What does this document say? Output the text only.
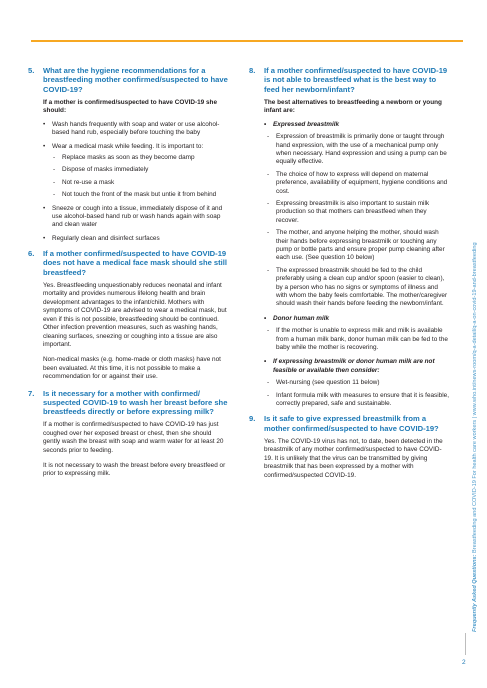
5.	What are the hygiene recommendations for a breastfeeding mother confirmed/suspected to have COVID-19?
If a mother is confirmed/suspected to have COVID-19 she should:
• Wash hands frequently with soap and water or use alcohol-based hand rub, especially before touching the baby
• Wear a medical mask while feeding. It is important to:
- Replace masks as soon as they become damp
- Dispose of masks immediately
- Not re-use a mask
- Not touch the front of the mask but untie it from behind
• Sneeze or cough into a tissue, immediately dispose of it and use alcohol-based hand rub or wash hands again with soap and clean water
• Regularly clean and disinfect surfaces
6.	If a mother confirmed/suspected to have COVID-19 does not have a medical face mask should she still breastfeed?
Yes. Breastfeeding unquestionably reduces neonatal and infant mortality and provides numerous lifelong health and brain development advantages to the infant/child. Mothers with symptoms of COVID-19 are advised to wear a medical mask, but even if this is not possible, breastfeeding should be continued. Other infection prevention measures, such as washing hands, cleaning surfaces, sneezing or coughing into a tissue are also important.
Non-medical masks (e.g. home-made or cloth masks) have not been evaluated. At this time, it is not possible to make a recommendation for or against their use.
7.	Is it necessary for a mother with confirmed/ suspected COVID-19 to wash her breast before she breastfeeds directly or before expressing milk?
If a mother is confirmed/suspected to have COVID-19 has just coughed over her exposed breast or chest, then she should gently wash the breast with soap and warm water for at least 20 seconds prior to feeding.
It is not necessary to wash the breast before every breastfeed or prior to expressing milk.
8.	If a mother confirmed/suspected to have COVID-19 is not able to breastfeed what is the best way to feed her newborn/infant?
The best alternatives to breastfeeding a newborn or young infant are:
•	Expressed breastmilk
- Expression of breastmilk is primarily done or taught through hand expression, with the use of a mechanical pump only when necessary. Hand expression and using a pump can be equally effective.
- The choice of how to express will depend on maternal preference, availability of equipment, hygiene conditions and cost.
- Expressing breastmilk is also important to sustain milk production so that mothers can breastfeed when they recover.
- The mother, and anyone helping the mother, should wash their hands before expressing breastmilk or touching any pump or bottle parts and ensure proper pump cleaning after each use. (See question 10 below)
- The expressed breastmilk should be fed to the child preferably using a clean cup and/or spoon (easier to clean), by a person who has no signs or symptoms of illness and with whom the baby feels comfortable. The mother/caregiver should wash their hands before feeding the newborn/infant.
•	Donor human milk
- If the mother is unable to express milk and milk is available from a human milk bank, donor human milk can be fed to the baby while the mother is recovering.
•	If expressing breastmilk or donor human milk are not feasible or available then consider:
- Wet-nursing (see question 11 below)
- Infant formula milk with measures to ensure that it is feasible, correctly prepared, safe and sustainable.
9.	Is it safe to give expressed breastmilk from a mother confirmed/suspected to have COVID-19?
Yes. The COVID-19 virus has not, to date, been detected in the breastmilk of any mother confirmed/suspected to have COVID-19. It is unlikely that the virus can be transmitted by giving breastmilk that has been expressed by a mother with confirmed/suspected COVID-19.
Frequently Asked Questions: Breastfeeding and COVID-19 For health care workers | www.who.int/news-room/q-a-detail/q-a-on-covid-19-and-breastfeeding
2
